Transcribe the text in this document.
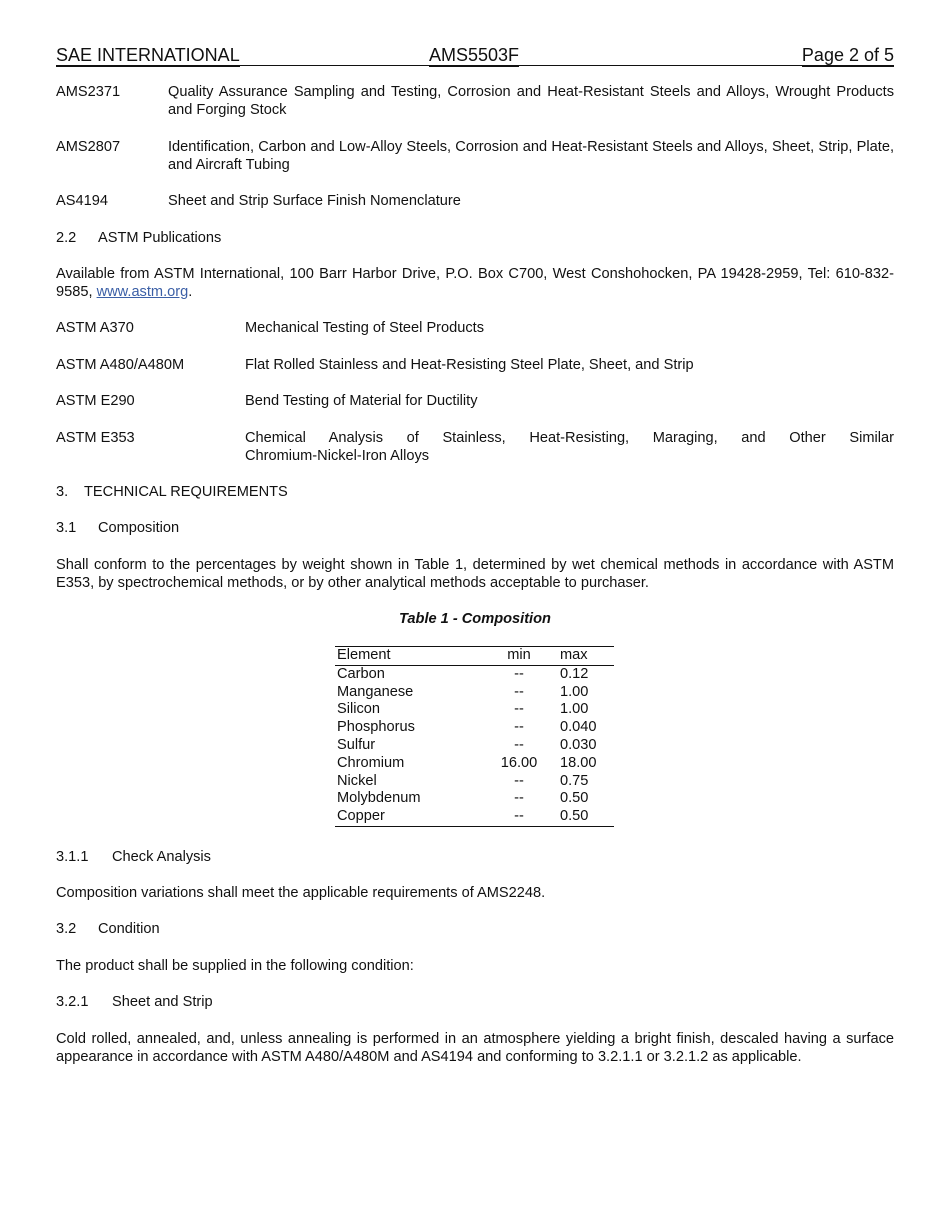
SAE INTERNATIONAL	AMS5503F	Page 2 of 5
AMS2371	Quality Assurance Sampling and Testing, Corrosion and Heat-Resistant Steels and Alloys, Wrought Products and Forging Stock
AMS2807	Identification, Carbon and Low-Alloy Steels, Corrosion and Heat-Resistant Steels and Alloys, Sheet, Strip, Plate, and Aircraft Tubing
AS4194	Sheet and Strip Surface Finish Nomenclature
2.2 ASTM Publications
Available from ASTM International, 100 Barr Harbor Drive, P.O. Box C700, West Conshohocken, PA 19428-2959, Tel: 610-832-9585, www.astm.org.
ASTM A370	Mechanical Testing of Steel Products
ASTM A480/A480M	Flat Rolled Stainless and Heat-Resisting Steel Plate, Sheet, and Strip
ASTM E290	Bend Testing of Material for Ductility
ASTM E353	Chemical Analysis of Stainless, Heat-Resisting, Maraging, and Other Similar
Chromium-Nickel-Iron Alloys
3. TECHNICAL REQUIREMENTS
3.1 Composition
Shall conform to the percentages by weight shown in Table 1, determined by wet chemical methods in accordance with ASTM E353, by spectrochemical methods, or by other analytical methods acceptable to purchaser.
Table 1 - Composition
Element	min	max
Carbon	--	0.12
Manganese	--	1.00
Silicon	--	1.00
Phosphorus	--	0.040
Sulfur	--	0.030
Chromium	16.00	18.00
Nickel	--	0.75
Molybdenum	--	0.50
Copper	--	0.50
3.1.1 Check Analysis
Composition variations shall meet the applicable requirements of AMS2248.
3.2 Condition
The product shall be supplied in the following condition:
3.2.1 Sheet and Strip
Cold rolled, annealed, and, unless annealing is performed in an atmosphere yielding a bright finish, descaled having a surface appearance in accordance with ASTM A480/A480M and AS4194 and conforming to 3.2.1.1 or 3.2.1.2 as applicable.
